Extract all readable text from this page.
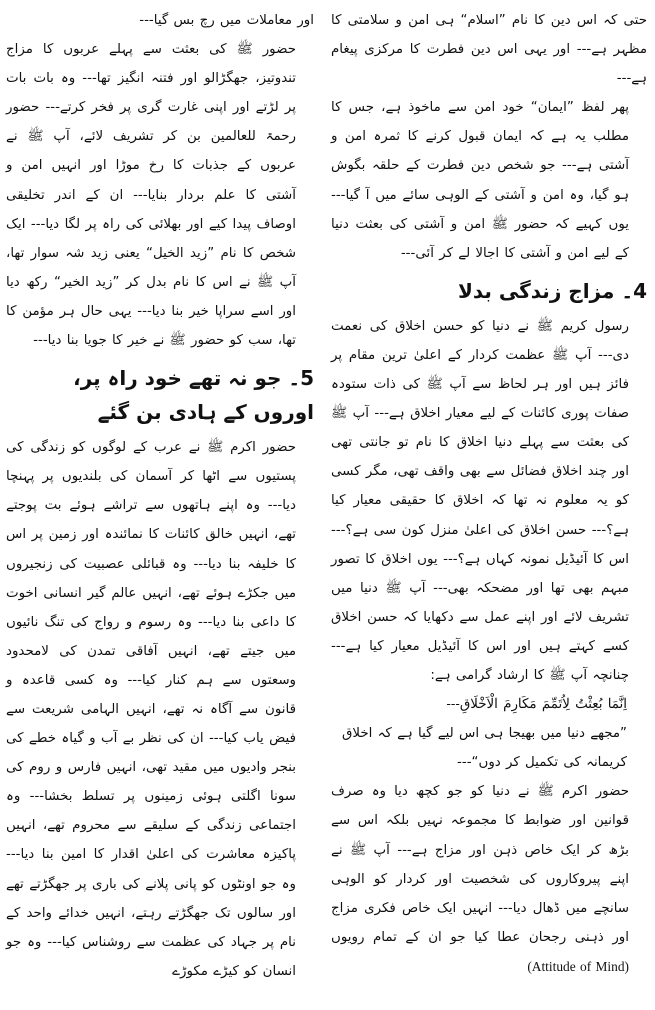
حتی کہ اس دین کا نام ”اسلام“ ہی امن و سلامتی کا مظہر ہے--- اور یہی اس دین فطرت کا مرکزی پیغام ہے---

پھر لفظ ”ایمان“ خود امن سے ماخوذ ہے، جس کا مطلب یہ ہے کہ ایمان قبول کرنے کا ثمرہ امن و آشتی ہے--- جو شخص دین فطرت کے حلقہ بگوش ہو گیا، وہ امن و آشتی کے الوہی سائے میں آ گیا--- یوں کہیے کہ حضور ﷺ امن و آشتی کی بعثت دنیا کے لیے امن و آشتی کا اجالا لے کر آئی---

4۔ مزاج زندگی بدلا

رسول کریم ﷺ نے دنیا کو حسن اخلاق کی نعمت دی--- آپ ﷺ عظمت کردار کے اعلیٰ ترین مقام پر فائز ہیں اور ہر لحاظ سے آپ ﷺ کی ذات ستودہ صفات پوری کائنات کے لیے معیار اخلاق ہے--- آپ ﷺ کی بعثت سے پہلے دنیا اخلاق کا نام تو جانتی تھی اور چند اخلاق فضائل سے بھی واقف تھی، مگر کسی کو یہ معلوم نہ تھا کہ اخلاق کا حقیقی معیار کیا ہے؟--- حسن اخلاق کی اعلیٰ منزل کون سی ہے؟--- اس کا آئیڈیل نمونہ کہاں ہے؟--- یوں اخلاق کا تصور مبہم بھی تھا اور مضحکہ بھی--- آپ ﷺ دنیا میں تشریف لائے اور اپنے عمل سے دکھایا کہ حسن اخلاق کسے کہتے ہیں اور اس کا آئیڈیل معیار کیا ہے--- چنانچہ آپ ﷺ کا ارشاد گرامی ہے:

اِنَّمَا بُعِثْتُ لِاُتَمِّمَ مَکَارِمَ الْاَخْلَاقِ---

”مجھے دنیا میں بھیجا ہی اس لیے گیا ہے کہ اخلاق کریمانہ کی تکمیل کر دوں“---

حضور اکرم ﷺ نے دنیا کو جو کچھ دیا وہ صرف قوانین اور ضوابط کا مجموعہ نہیں بلکہ اس سے بڑھ کر ایک خاص ذہن اور مزاج ہے--- آپ ﷺ نے اپنے پیروکاروں کی شخصیت اور کردار کو الوہی سانچے میں ڈھال دیا--- انہیں ایک خاص فکری مزاج اور ذہنی رجحان عطا کیا جو ان کے تمام رویوں (Attitude of Mind)

اور معاملات میں رچ بس گیا---

حضور ﷺ کی بعثت سے پہلے عربوں کا مزاج تندوتیز، جھگڑالو اور فتنہ انگیز تھا--- وہ بات بات پر لڑتے اور اپنی غارت گری پر فخر کرتے--- حضور رحمۃ للعالمین بن کر تشریف لائے، آپ ﷺ نے عربوں کے جذبات کا رخ موڑا اور انہیں امن و آشتی کا علم بردار بنایا--- ان کے اندر تخلیقی اوصاف پیدا کیے اور بھلائی کی راہ پر لگا دیا--- ایک شخص کا نام ”زید الخیل“ یعنی زید شہ سوار تھا، آپ ﷺ نے اس کا نام بدل کر ”زید الخیر“ رکھ دیا اور اسے سراپا خیر بنا دیا--- یہی حال ہر مؤمن کا تھا، سب کو حضور ﷺ نے خیر کا جویا بنا دیا---

5۔ جو نہ تھے خود راہ پر، اوروں کے ہادی بن گئے

حضور اکرم ﷺ نے عرب کے لوگوں کو زندگی کی پستیوں سے اٹھا کر آسمان کی بلندیوں پر پہنچا دیا--- وہ اپنے ہاتھوں سے تراشے ہوئے بت پوجتے تھے، انہیں خالق کائنات کا نمائندہ اور زمین پر اس کا خلیفہ بنا دیا--- وہ قبائلی عصبیت کی زنجیروں میں جکڑے ہوئے تھے، انہیں عالم گیر انسانی اخوت کا داعی بنا دیا--- وہ رسوم و رواج کی تنگ نائیوں میں جیتے تھے، انہیں آفاقی تمدن کی لامحدود وسعتوں سے ہم کنار کیا--- وہ کسی قاعدہ و قانون سے آگاہ نہ تھے، انہیں الہامی شریعت سے فیض یاب کیا--- ان کی نظر بے آب و گیاہ خطے کی بنجر وادیوں میں مقید تھی، انہیں فارس و روم کی سونا اگلتی ہوئی زمینوں پر تسلط بخشا--- وہ اجتماعی زندگی کے سلیقے سے محروم تھے، انہیں پاکیزہ معاشرت کی اعلیٰ اقدار کا امین بنا دیا--- وہ جو اونٹوں کو پانی پلانے کی باری پر جھگڑتے تھے اور سالوں تک جھگڑتے رہتے، انہیں خدائے واحد کے نام پر جہاد کی عظمت سے روشناس کیا--- وہ جو انسان کو کیڑے مکوڑے
